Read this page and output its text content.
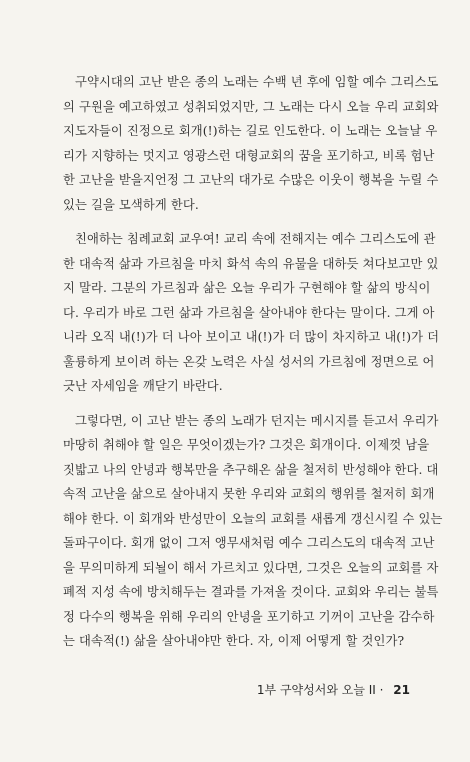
구약시대의 고난 받은 종의 노래는 수백 년 후에 임할 예수 그리스도
의 구원을 예고하였고 성취되었지만, 그 노래는 다시 오늘 우리 교회와
지도자들이 진정으로 회개(!)하는 길로 인도한다. 이 노래는 오늘날 우
리가 지향하는 멋지고 영광스런 대형교회의 꿈을 포기하고, 비록 험난
한 고난을 받을지언정 그 고난의 대가로 수많은 이웃이 행복을 누릴 수
있는 길을 모색하게 한다.

친애하는 침례교회 교우여! 교리 속에 전해지는 예수 그리스도에 관
한 대속적 삶과 가르침을 마치 화석 속의 유물을 대하듯 쳐다보고만 있
지 말라. 그분의 가르침과 삶은 오늘 우리가 구현해야 할 삶의 방식이
다. 우리가 바로 그런 삶과 가르침을 살아내야 한다는 말이다. 그게 아
니라 오직 내(!)가 더 나아 보이고 내(!)가 더 많이 차지하고 내(!)가 더
훌륭하게 보이려 하는 온갖 노력은 사실 성서의 가르침에 정면으로 어
긋난 자세임을 깨닫기 바란다.

그렇다면, 이 고난 받는 종의 노래가 던지는 메시지를 듣고서 우리가
마땅히 취해야 할 일은 무엇이겠는가? 그것은 회개이다. 이제껏 남을
짓밟고 나의 안녕과 행복만을 추구해온 삶을 철저히 반성해야 한다. 대
속적 고난을 삶으로 살아내지 못한 우리와 교회의 행위를 철저히 회개
해야 한다. 이 회개와 반성만이 오늘의 교회를 새롭게 갱신시킬 수 있는
돌파구이다. 회개 없이 그저 앵무새처럼 예수 그리스도의 대속적 고난
을 무의미하게 되뇔이 해서 가르치고 있다면, 그것은 오늘의 교회를 자
폐적 지성 속에 방치해두는 결과를 가져올 것이다. 교회와 우리는 불특
정 다수의 행복을 위해 우리의 안녕을 포기하고 기꺼이 고난을 감수하
는 대속적(!) 삶을 살아내야만 한다. 자, 이제 어떻게 할 것인가?

1부 구약성서와 오늘 II · 21
